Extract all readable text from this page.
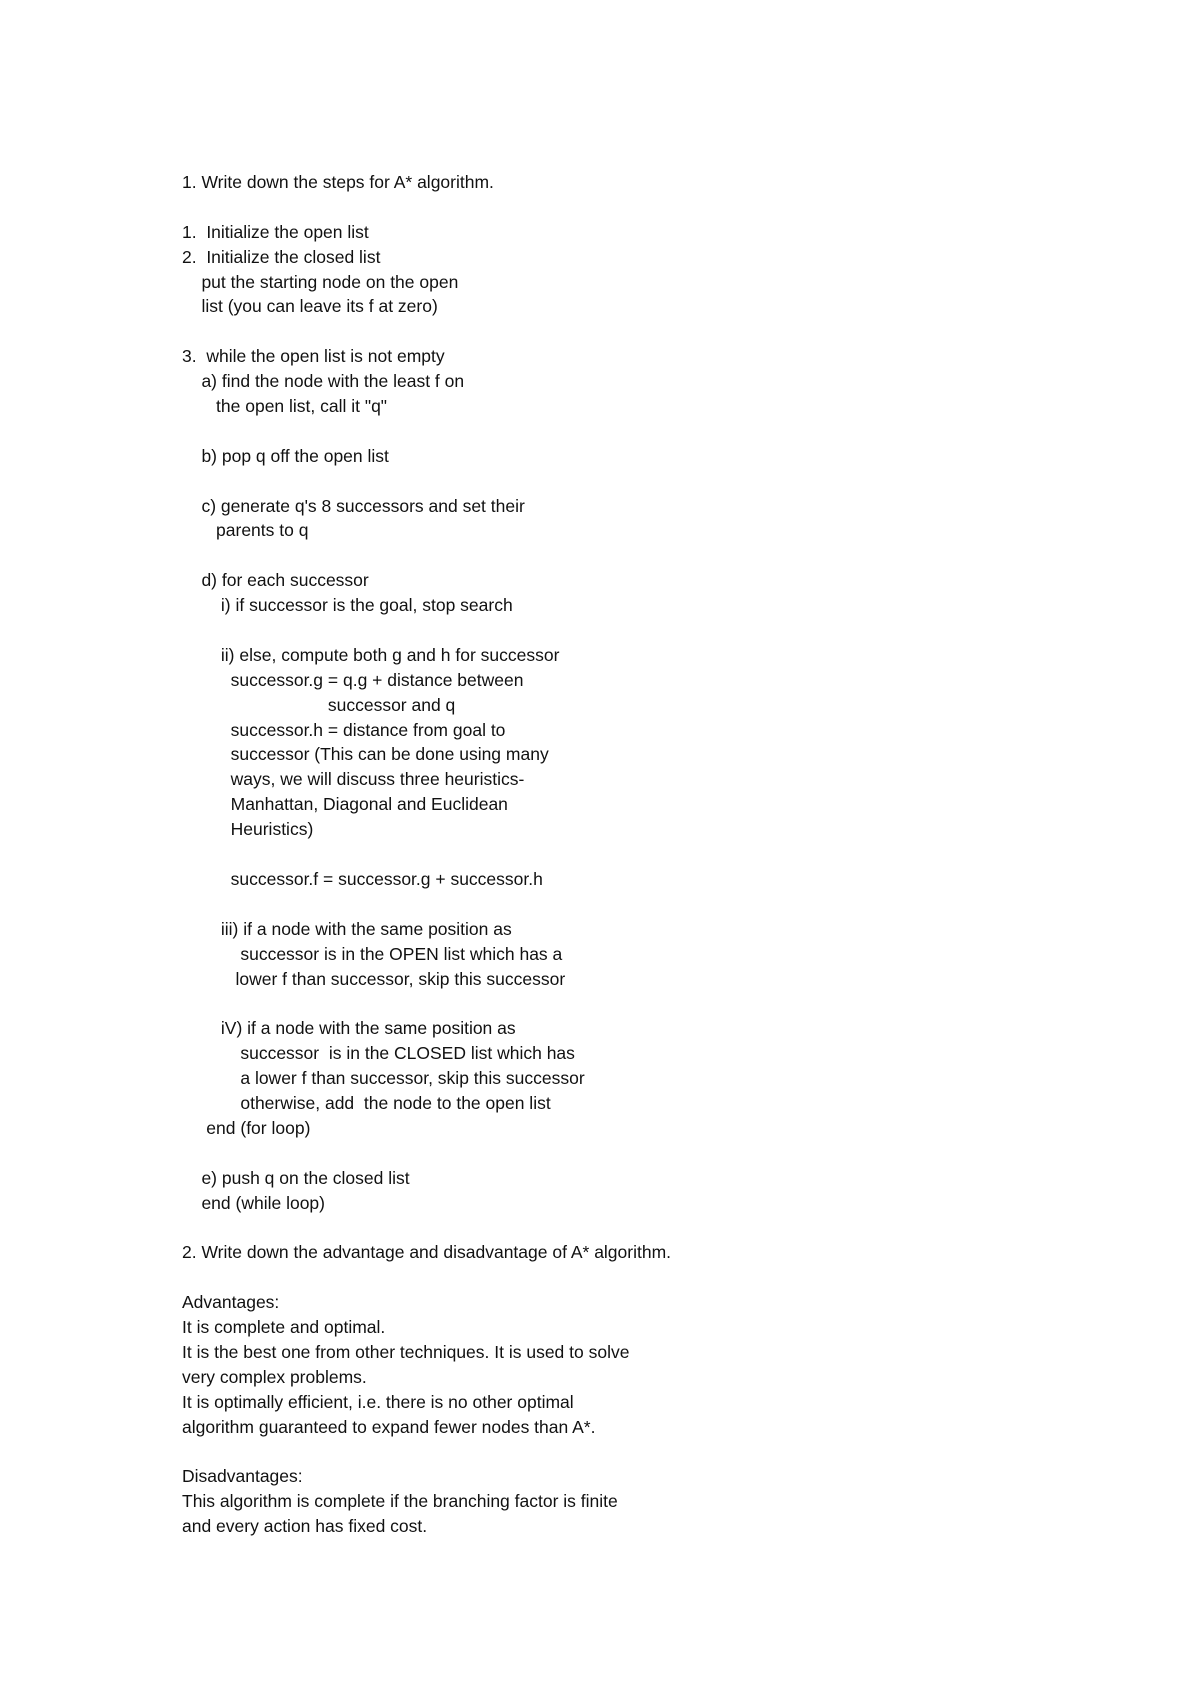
1. Write down the steps for A* algorithm.
1.  Initialize the open list
2.  Initialize the closed list
put the starting node on the open
list (you can leave its f at zero)
3.  while the open list is not empty
a) find the node with the least f on
the open list, call it "q"
b) pop q off the open list
c) generate q's 8 successors and set their
parents to q
d) for each successor
i) if successor is the goal, stop search
ii) else, compute both g and h for successor
successor.g = q.g + distance between
successor and q
successor.h = distance from goal to
successor (This can be done using many
ways, we will discuss three heuristics-
Manhattan, Diagonal and Euclidean
Heuristics)
successor.f = successor.g + successor.h
iii) if a node with the same position as
successor is in the OPEN list which has a
lower f than successor, skip this successor
iV) if a node with the same position as
successor  is in the CLOSED list which has
a lower f than successor, skip this successor
otherwise, add  the node to the open list
end (for loop)
e) push q on the closed list
end (while loop)
2. Write down the advantage and disadvantage of A* algorithm.
Advantages:
It is complete and optimal.
It is the best one from other techniques. It is used to solve
very complex problems.
It is optimally efficient, i.e. there is no other optimal
algorithm guaranteed to expand fewer nodes than A*.
Disadvantages:
This algorithm is complete if the branching factor is finite
and every action has fixed cost.
